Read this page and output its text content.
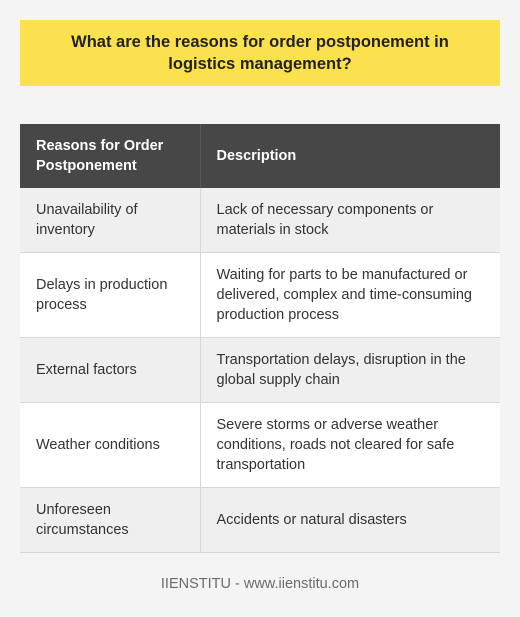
What are the reasons for order postponement in logistics management?
Reasons for Order Postponement	Description
Unavailability of inventory	Lack of necessary components or materials in stock
Delays in production process	Waiting for parts to be manufactured or delivered, complex and time-consuming production process
External factors	Transportation delays, disruption in the global supply chain
Weather conditions	Severe storms or adverse weather conditions, roads not cleared for safe transportation
Unforeseen circumstances	Accidents or natural disasters
IIENSTITU - www.iienstitu.com
